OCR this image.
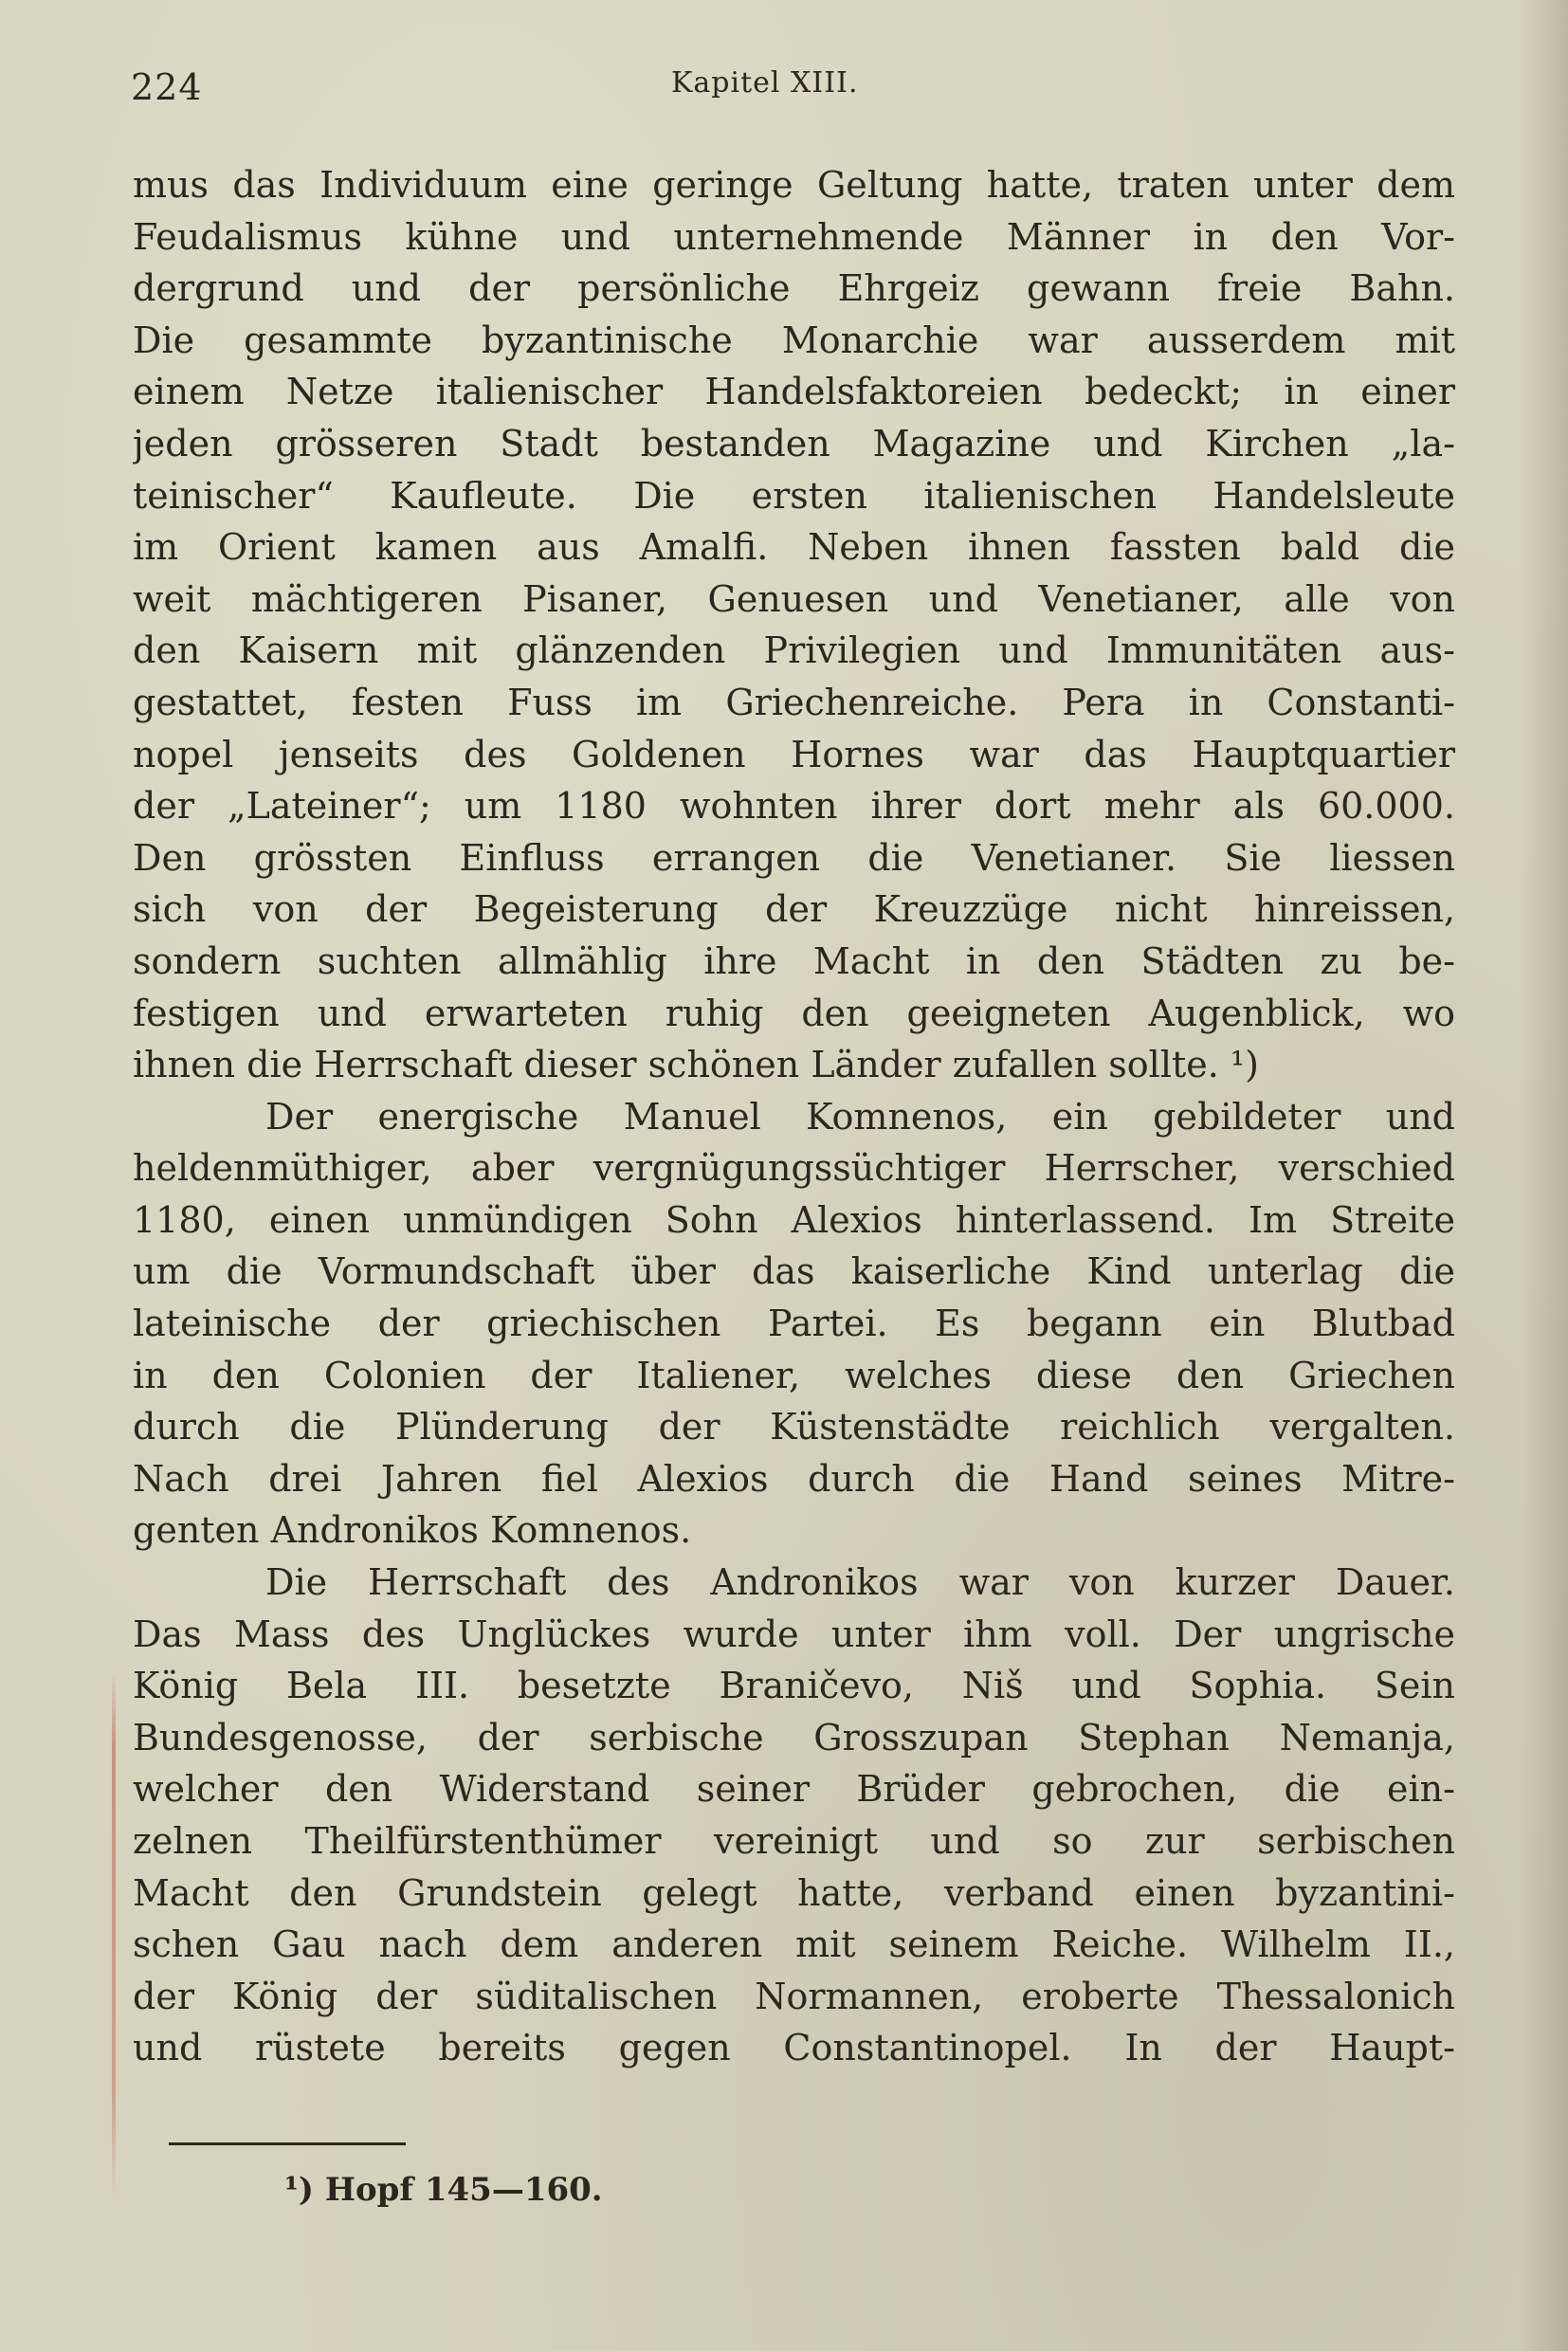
224	Kapitel XIII.
mus das Individuum eine geringe Geltung hatte, traten unter dem
Feudalismus kühne und unternehmende Männer in den Vor-
dergrund und der persönliche Ehrgeiz gewann freie Bahn.
Die gesammte byzantinische Monarchie war ausserdem mit
einem Netze italienischer Handelsfaktoreien bedeckt; in einer
jeden grösseren Stadt bestanden Magazine und Kirchen „la-
teinischer“ Kaufleute. Die ersten italienischen Handelsleute
im Orient kamen aus Amalfi. Neben ihnen fassten bald die
weit mächtigeren Pisaner, Genuesen und Venetianer, alle von
den Kaisern mit glänzenden Privilegien und Immunitäten aus-
gestattet, festen Fuss im Griechenreiche. Pera in Constanti-
nopel jenseits des Goldenen Hornes war das Hauptquartier
der „Lateiner“; um 1180 wohnten ihrer dort mehr als 60.000.
Den grössten Einfluss errangen die Venetianer. Sie liessen
sich von der Begeisterung der Kreuzzüge nicht hinreissen,
sondern suchten allmählig ihre Macht in den Städten zu be-
festigen und erwarteten ruhig den geeigneten Augenblick, wo
ihnen die Herrschaft dieser schönen Länder zufallen sollte. ¹)
Der energische Manuel Komnenos, ein gebildeter und
heldenmüthiger, aber vergnügungssüchtiger Herrscher, verschied
1180, einen unmündigen Sohn Alexios hinterlassend. Im Streite
um die Vormundschaft über das kaiserliche Kind unterlag die
lateinische der griechischen Partei. Es begann ein Blutbad
in den Colonien der Italiener, welches diese den Griechen
durch die Plünderung der Küstenstädte reichlich vergalten.
Nach drei Jahren fiel Alexios durch die Hand seines Mitre-
genten Andronikos Komnenos.
Die Herrschaft des Andronikos war von kurzer Dauer.
Das Mass des Unglückes wurde unter ihm voll. Der ungrische
König Bela III. besetzte Braničevo, Niš und Sophia. Sein
Bundesgenosse, der serbische Grosszupan Stephan Nemanja,
welcher den Widerstand seiner Brüder gebrochen, die ein-
zelnen Theilfürstenthümer vereinigt und so zur serbischen
Macht den Grundstein gelegt hatte, verband einen byzantini-
schen Gau nach dem anderen mit seinem Reiche. Wilhelm II.,
der König der süditalischen Normannen, eroberte Thessalonich
und rüstete bereits gegen Constantinopel. In der Haupt-
¹) Hopf 145—160.
